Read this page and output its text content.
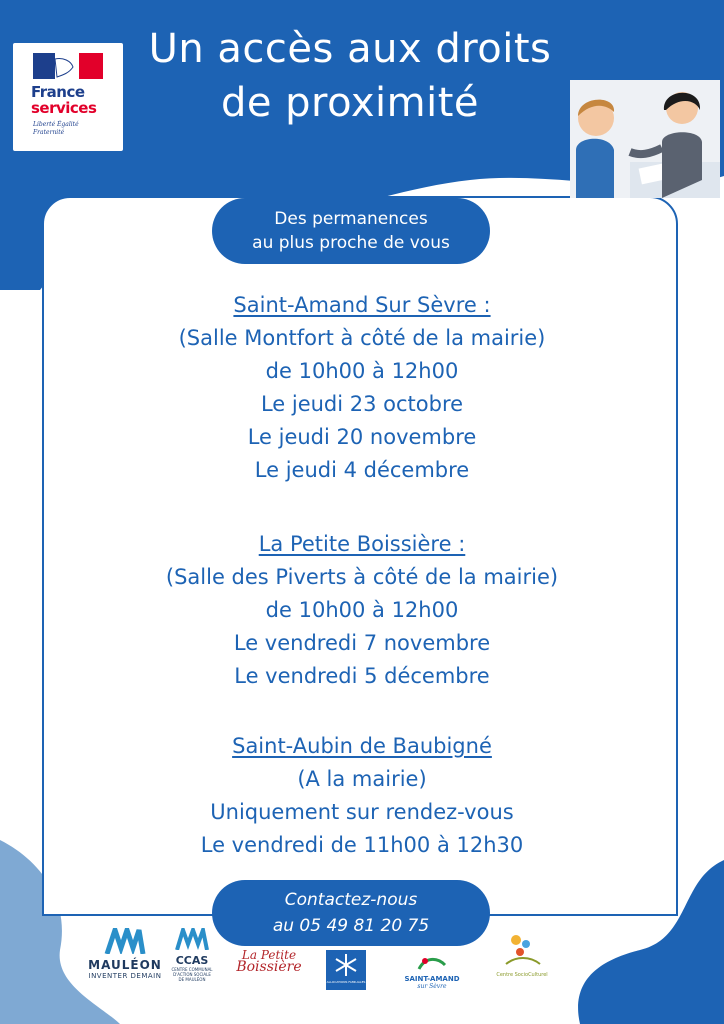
France
services
Liberté Égalité Fraternité
Un accès aux droits
de proximité
Des permanences
au plus proche de vous
Saint-Amand Sur Sèvre :
(Salle Montfort à côté de la mairie)
de 10h00 à 12h00
Le jeudi 23 octobre
Le jeudi 20 novembre
Le jeudi 4 décembre
La Petite Boissière :
(Salle des Piverts à côté de la mairie)
de 10h00 à 12h00
Le vendredi 7 novembre
Le vendredi 5 décembre
Saint-Aubin de Baubigné
(A la mairie)
Uniquement sur rendez-vous
Le vendredi de 11h00 à 12h30
Contactez-nous
au 05 49 81 20 75
MAULÉON
INVENTER DEMAIN
CCAS
CENTRE COMMUNAL D'ACTION SOCIALE DE MAULÉON
La Petite
Boissière
ALLOCATIONS FAMILIALES	SAINT-AMAND
sur Sèvre
Centre SocioCulturel
